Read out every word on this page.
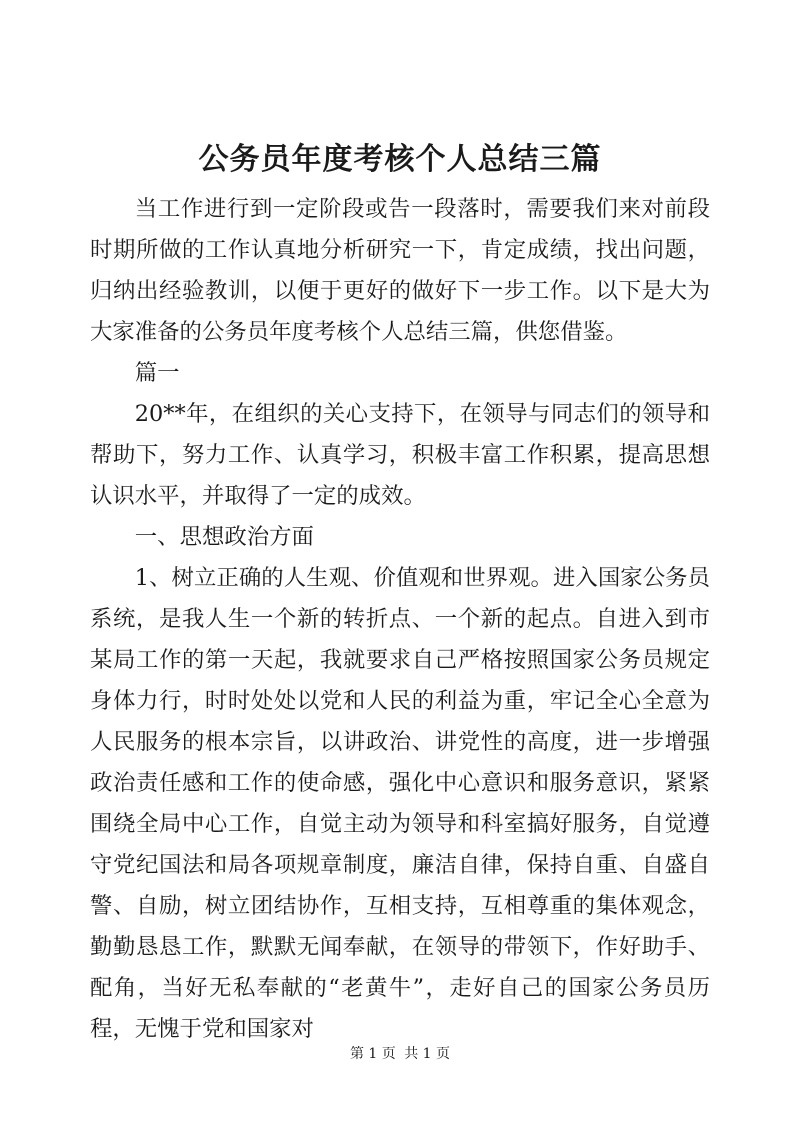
公务员年度考核个人总结三篇

当工作进行到一定阶段或告一段落时，需要我们来对前段时期所做的工作认真地分析研究一下，肯定成绩，找出问题，归纳出经验教训，以便于更好的做好下一步工作。以下是大为大家准备的公务员年度考核个人总结三篇，供您借鉴。

篇一

20**年，在组织的关心支持下，在领导与同志们的领导和帮助下，努力工作、认真学习，积极丰富工作积累，提高思想认识水平，并取得了一定的成效。

一、思想政治方面

1、树立正确的人生观、价值观和世界观。进入国家公务员系统，是我人生一个新的转折点、一个新的起点。自进入到市某局工作的第一天起，我就要求自己严格按照国家公务员规定身体力行，时时处处以党和人民的利益为重，牢记全心全意为人民服务的根本宗旨，以讲政治、讲党性的高度，进一步增强政治责任感和工作的使命感，强化中心意识和服务意识，紧紧围绕全局中心工作，自觉主动为领导和科室搞好服务，自觉遵守党纪国法和局各项规章制度，廉洁自律，保持自重、自盛自警、自励，树立团结协作，互相支持，互相尊重的集体观念，勤勤恳恳工作，默默无闻奉献，在领导的带领下，作好助手、配角，当好无私奉献的“老黄牛”，走好自己的国家公务员历程，无愧于党和国家对

第 1 页 共 1 页
